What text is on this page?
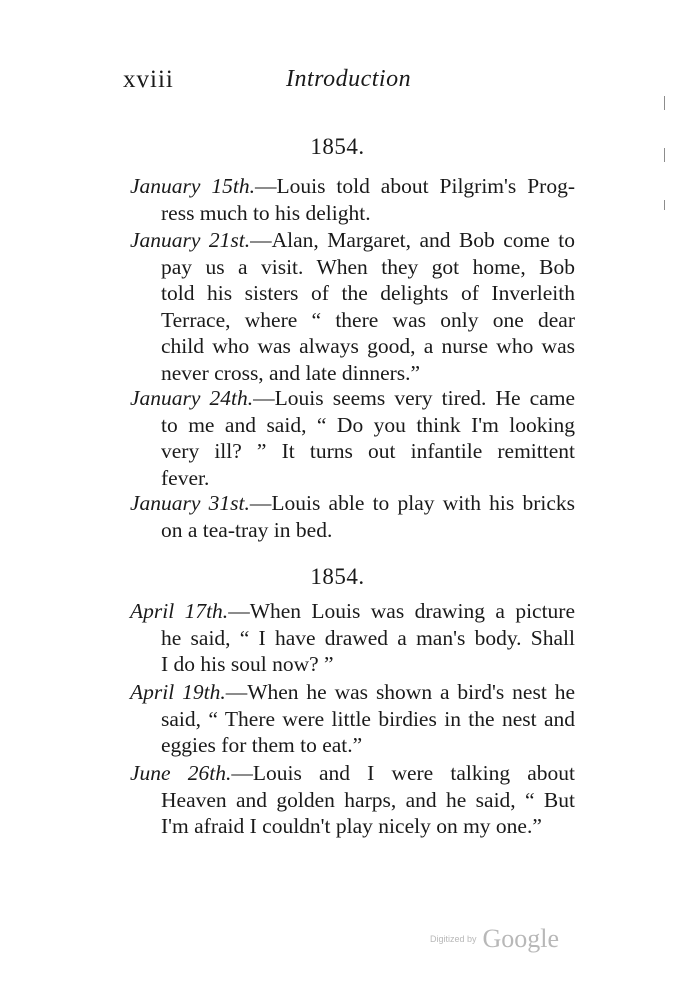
xviii	Introduction
1854.
January 15th.—Louis told about Pilgrim's Prog-
ress much to his delight.
January 21st.—Alan, Margaret, and Bob come to
pay us a visit. When they got home, Bob
told his sisters of the delights of Inverleith
Terrace, where “ there was only one dear
child who was always good, a nurse who was
never cross, and late dinners.”
January 24th.—Louis seems very tired. He came
to me and said, “ Do you think I'm looking
very ill? ” It turns out infantile remittent
fever.
January 31st.—Louis able to play with his bricks
on a tea-tray in bed.
1854.
April 17th.—When Louis was drawing a picture
he said, “ I have drawed a man's body. Shall
I do his soul now? ”
April 19th.—When he was shown a bird's nest he
said, “ There were little birdies in the nest and
eggies for them to eat.”
June 26th.—Louis and I were talking about
Heaven and golden harps, and he said, “ But
I'm afraid I couldn't play nicely on my one.”
Digitized by Google
